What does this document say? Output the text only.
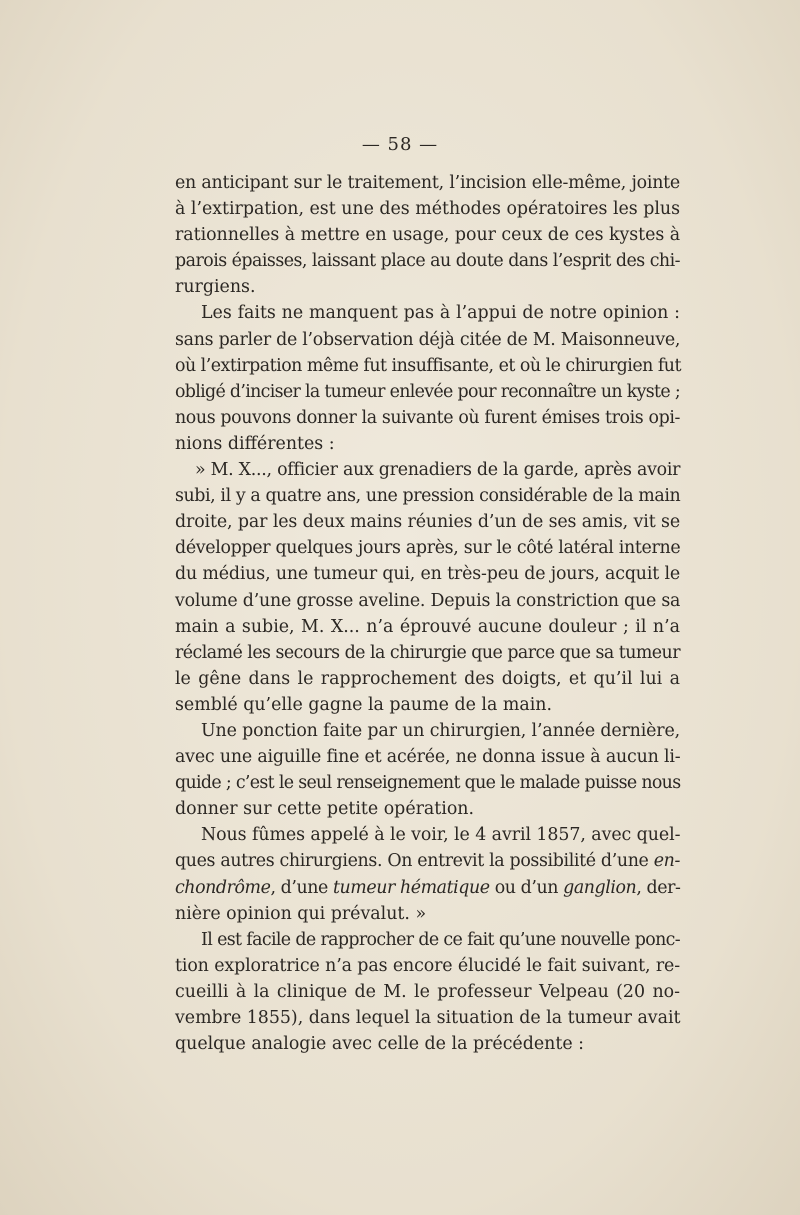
— 58 —
en anticipant sur le traitement, l’incision elle-même, jointe
à l’extirpation, est une des méthodes opératoires les plus
rationnelles à mettre en usage, pour ceux de ces kystes à
parois épaisses, laissant place au doute dans l’esprit des chi-
rurgiens.
Les faits ne manquent pas à l’appui de notre opinion :
sans parler de l’observation déjà citée de M. Maisonneuve,
où l’extirpation même fut insuffisante, et où le chirurgien fut
obligé d’inciser la tumeur enlevée pour reconnaître un kyste ;
nous pouvons donner la suivante où furent émises trois opi-
nions différentes :
» M. X..., officier aux grenadiers de la garde, après avoir
subi, il y a quatre ans, une pression considérable de la main
droite, par les deux mains réunies d’un de ses amis, vit se
développer quelques jours après, sur le côté latéral interne
du médius, une tumeur qui, en très-peu de jours, acquit le
volume d’une grosse aveline. Depuis la constriction que sa
main a subie, M. X... n’a éprouvé aucune douleur ; il n’a
réclamé les secours de la chirurgie que parce que sa tumeur
le gêne dans le rapprochement des doigts, et qu’il lui a
semblé qu’elle gagne la paume de la main.
Une ponction faite par un chirurgien, l’année dernière,
avec une aiguille fine et acérée, ne donna issue à aucun li-
quide ; c’est le seul renseignement que le malade puisse nous
donner sur cette petite opération.
Nous fûmes appelé à le voir, le 4 avril 1857, avec quel-
ques autres chirurgiens. On entrevit la possibilité d’une en-
chondrôme, d’une tumeur hématique ou d’un ganglion, der-
nière opinion qui prévalut. »
Il est facile de rapprocher de ce fait qu’une nouvelle ponc-
tion exploratrice n’a pas encore élucidé le fait suivant, re-
cueilli à la clinique de M. le professeur Velpeau (20 no-
vembre 1855), dans lequel la situation de la tumeur avait
quelque analogie avec celle de la précédente :
